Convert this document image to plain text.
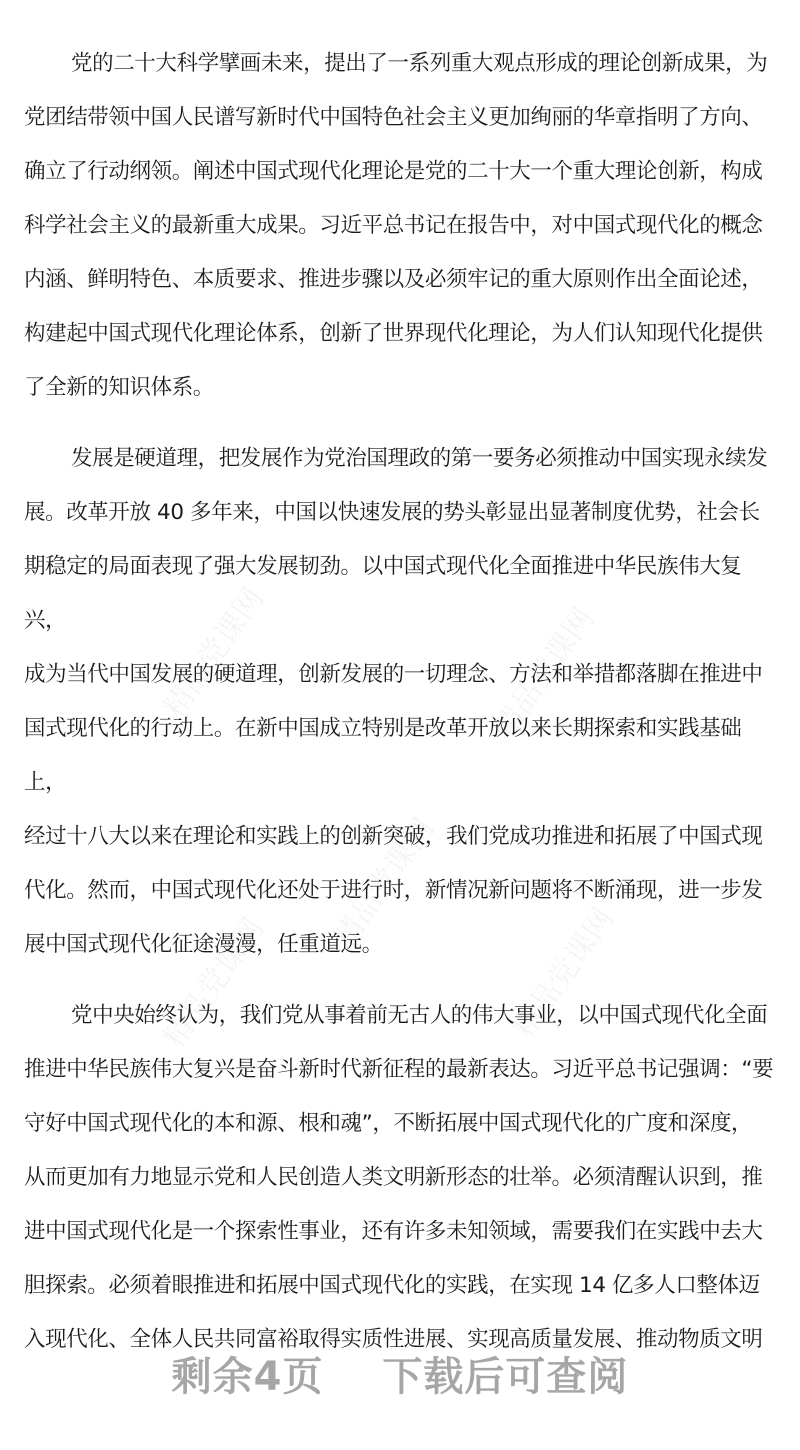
党的二十大科学擘画未来，提出了一系列重大观点形成的理论创新成果，为
党团结带领中国人民谱写新时代中国特色社会主义更加绚丽的华章指明了方向、
确立了行动纲领。阐述中国式现代化理论是党的二十大一个重大理论创新，构成
科学社会主义的最新重大成果。习近平总书记在报告中，对中国式现代化的概念
内涵、鲜明特色、本质要求、推进步骤以及必须牢记的重大原则作出全面论述，
构建起中国式现代化理论体系，创新了世界现代化理论，为人们认知现代化提供
了全新的知识体系。
发展是硬道理，把发展作为党治国理政的第一要务必须推动中国实现永续发
展。改革开放 40 多年来，中国以快速发展的势头彰显出显著制度优势，社会长
期稳定的局面表现了强大发展韧劲。以中国式现代化全面推进中华民族伟大复兴，
成为当代中国发展的硬道理，创新发展的一切理念、方法和举措都落脚在推进中
国式现代化的行动上。在新中国成立特别是改革开放以来长期探索和实践基础上，
经过十八大以来在理论和实践上的创新突破，我们党成功推进和拓展了中国式现
代化。然而，中国式现代化还处于进行时，新情况新问题将不断涌现，进一步发
展中国式现代化征途漫漫，任重道远。
党中央始终认为，我们党从事着前无古人的伟大事业，以中国式现代化全面
推进中华民族伟大复兴是奋斗新时代新征程的最新表达。习近平总书记强调：“要
守好中国式现代化的本和源、根和魂”，不断拓展中国式现代化的广度和深度，
从而更加有力地显示党和人民创造人类文明新形态的壮举。必须清醒认识到，推
进中国式现代化是一个探索性事业，还有许多未知领域，需要我们在实践中去大
胆探索。必须着眼推进和拓展中国式现代化的实践，在实现 14 亿多人口整体迈
入现代化、全体人民共同富裕取得实质性进展、实现高质量发展、推动物质文明
剩余4页 下载后可查阅
